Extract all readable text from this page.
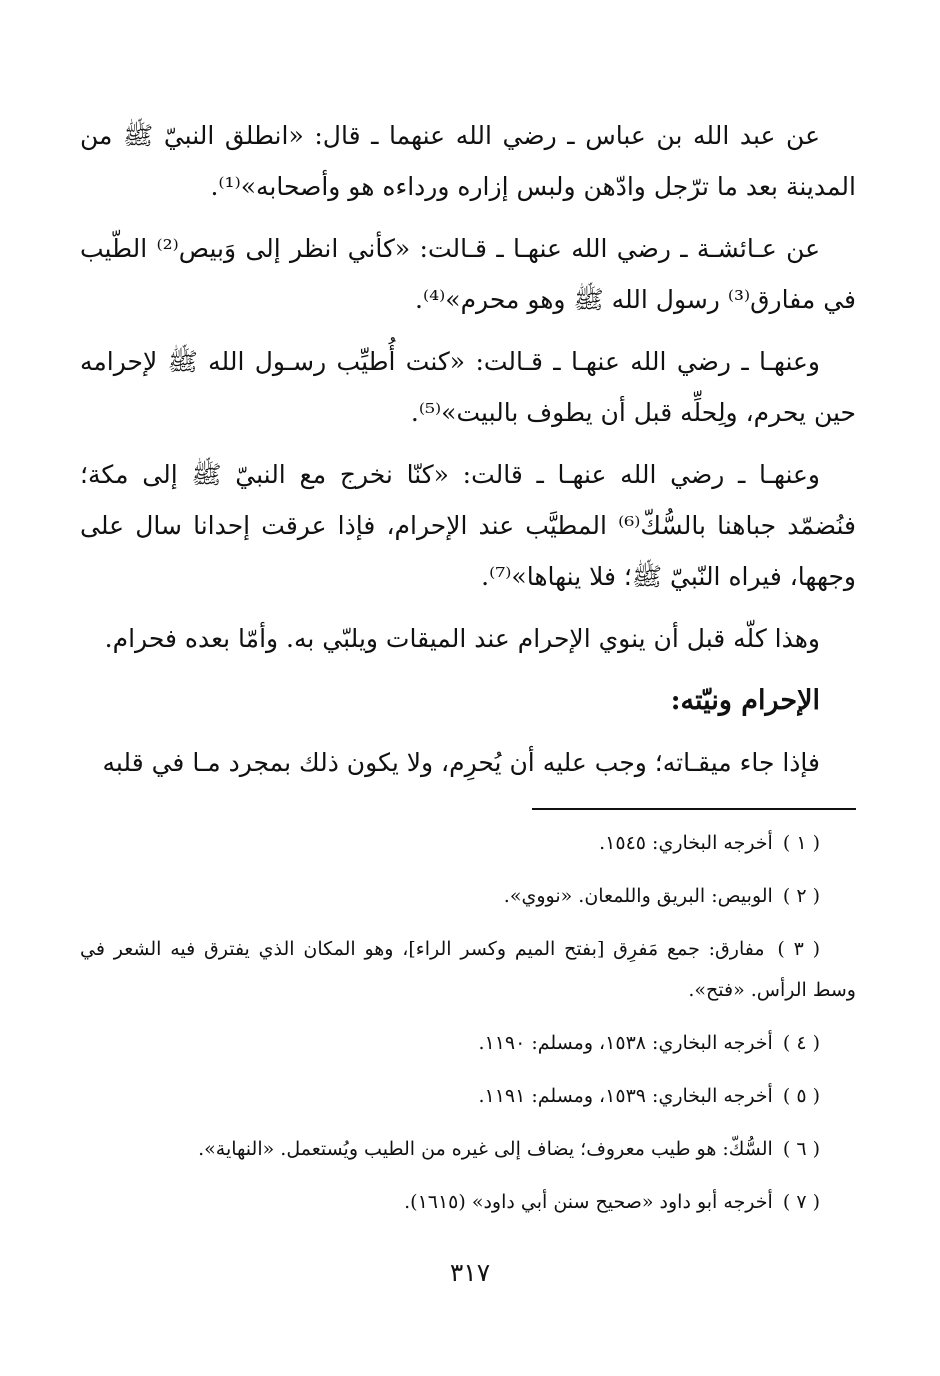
عن عبد الله بن عباس ـ رضي الله عنهما ـ قال: «انطلق النبيّ ﷺ من المدينة بعد ما ترّجل وادّهن ولبس إزاره ورداءه هو وأصحابه»⁽¹⁾.

عن عـائشـة ـ رضي الله عنهـا ـ قـالت: «كأني انظر إلى وَبيص⁽²⁾ الطّيب في مفارق⁽³⁾ رسول الله ﷺ وهو محرم»⁽⁴⁾.

وعنهـا ـ رضي الله عنهـا ـ قـالت: «كنت أُطيِّب رسـول الله ﷺ لإحرامه حين يحرم، ولِحلِّه قبل أن يطوف بالبيت»⁽⁵⁾.

وعنهـا ـ رضي الله عنهـا ـ قالت: «كنّا نخرج مع النبيّ ﷺ إلى مكة؛ فنُضمّد جباهنا بالسُّكّ⁽⁶⁾ المطيَّب عند الإحرام، فإذا عرقت إحدانا سال على وجهها، فيراه النّبيّ ﷺ؛ فلا ينهاها»⁽⁷⁾.

وهذا كلّه قبل أن ينوي الإحرام عند الميقات ويلبّي به. وأمّا بعده فحرام.

الإحرام ونيّته:

فإذا جاء ميقـاته؛ وجب عليه أن يُحرِم، ولا يكون ذلك بمجرد مـا في قلبه

( ١ ) أخرجه البخاري: ١٥٤٥.
( ٢ ) الوبيص: البريق واللمعان. «نووي».
( ٣ ) مفارق: جمع مَفرِق [بفتح الميم وكسر الراء]، وهو المكان الذي يفترق فيه الشعر في وسط الرأس. «فتح».
( ٤ ) أخرجه البخاري: ١٥٣٨، ومسلم: ١١٩٠.
( ٥ ) أخرجه البخاري: ١٥٣٩، ومسلم: ١١٩١.
( ٦ ) السُّكّ: هو طيب معروف؛ يضاف إلى غيره من الطيب ويُستعمل. «النهاية».
( ٧ ) أخرجه أبو داود «صحيح سنن أبي داود» (١٦١٥).
٣١٧
